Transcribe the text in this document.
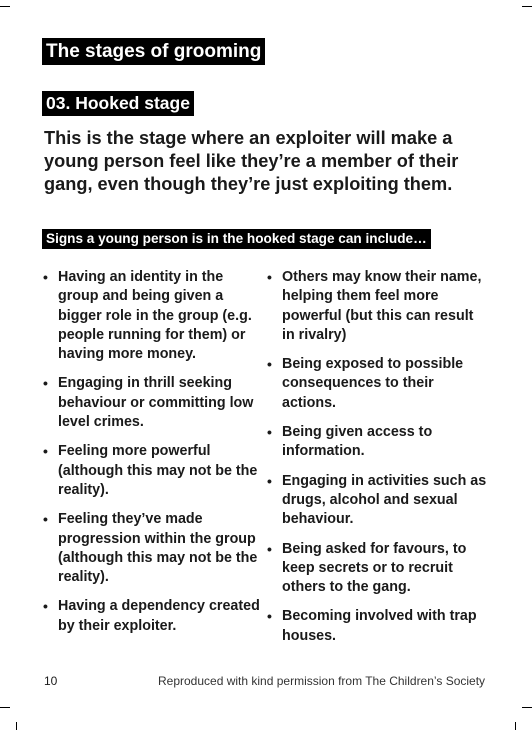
The stages of grooming
03. Hooked stage

This is the stage where an exploiter will make a young person feel like they’re a member of their gang, even though they’re just exploiting them.

Signs a young person is in the hooked stage can include…
• Having an identity in the group and being given a bigger role in the group (e.g. people running for them) or having more money.
• Engaging in thrill seeking behaviour or committing low level crimes.
• Feeling more powerful (although this may not be the reality).
• Feeling they’ve made progression within the group (although this may not be the reality).
• Having a dependency created by their exploiter.
• Others may know their name, helping them feel more powerful (but this can result in rivalry)
• Being exposed to possible consequences to their actions.
• Being given access to information.
• Engaging in activities such as drugs, alcohol and sexual behaviour.
• Being asked for favours, to keep secrets or to recruit others to the gang.
• Becoming involved with trap houses.
10	Reproduced with kind permission from The Children’s Society
